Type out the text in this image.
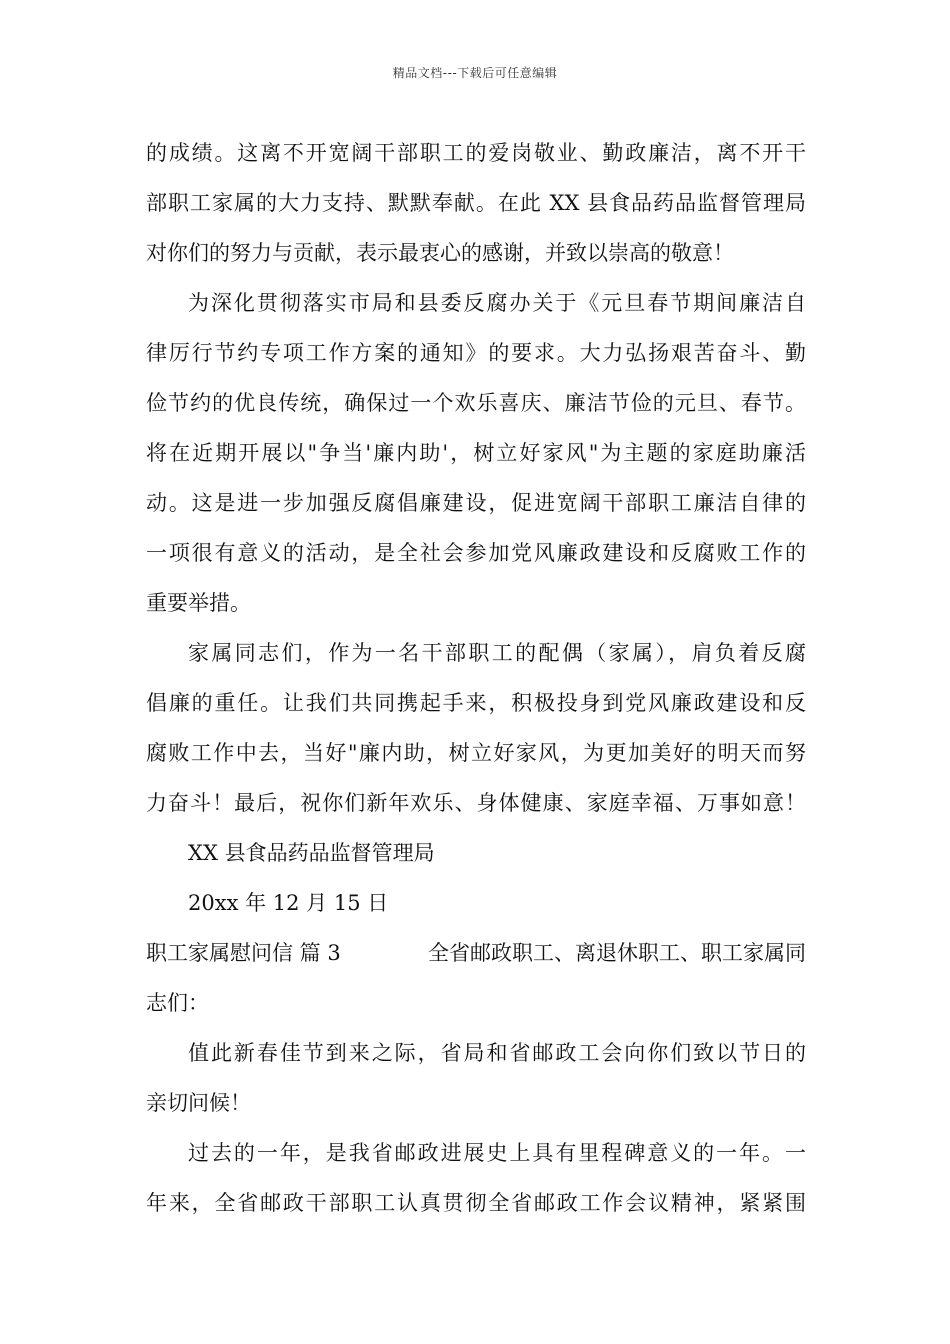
精品文档---下载后可任意编辑
的成绩。这离不开宽阔干部职工的爱岗敬业、勤政廉洁，离不开干
部职工家属的大力支持、默默奉献。在此 XX 县食品药品监督管理局
对你们的努力与贡献，表示最衷心的感谢，并致以崇高的敬意！
为深化贯彻落实市局和县委反腐办关于《元旦春节期间廉洁自
律厉行节约专项工作方案的通知》的要求。大力弘扬艰苦奋斗、勤
俭节约的优良传统，确保过一个欢乐喜庆、廉洁节俭的元旦、春节。
将在近期开展以"争当'廉内助'，树立好家风"为主题的家庭助廉活
动。这是进一步加强反腐倡廉建设，促进宽阔干部职工廉洁自律的
一项很有意义的活动，是全社会参加党风廉政建设和反腐败工作的
重要举措。
家属同志们，作为一名干部职工的配偶（家属），肩负着反腐
倡廉的重任。让我们共同携起手来，积极投身到党风廉政建设和反
腐败工作中去，当好"廉内助，树立好家风，为更加美好的明天而努
力奋斗！最后，祝你们新年欢乐、身体健康、家庭幸福、万事如意！
XX 县食品药品监督管理局
20xx 年 12 月 15 日
职工家属慰问信 篇 3	全省邮政职工、离退休职工、职工家属同
志们：
值此新春佳节到来之际，省局和省邮政工会向你们致以节日的
亲切问候！
过去的一年，是我省邮政进展史上具有里程碑意义的一年。一
年来，全省邮政干部职工认真贯彻全省邮政工作会议精神，紧紧围
